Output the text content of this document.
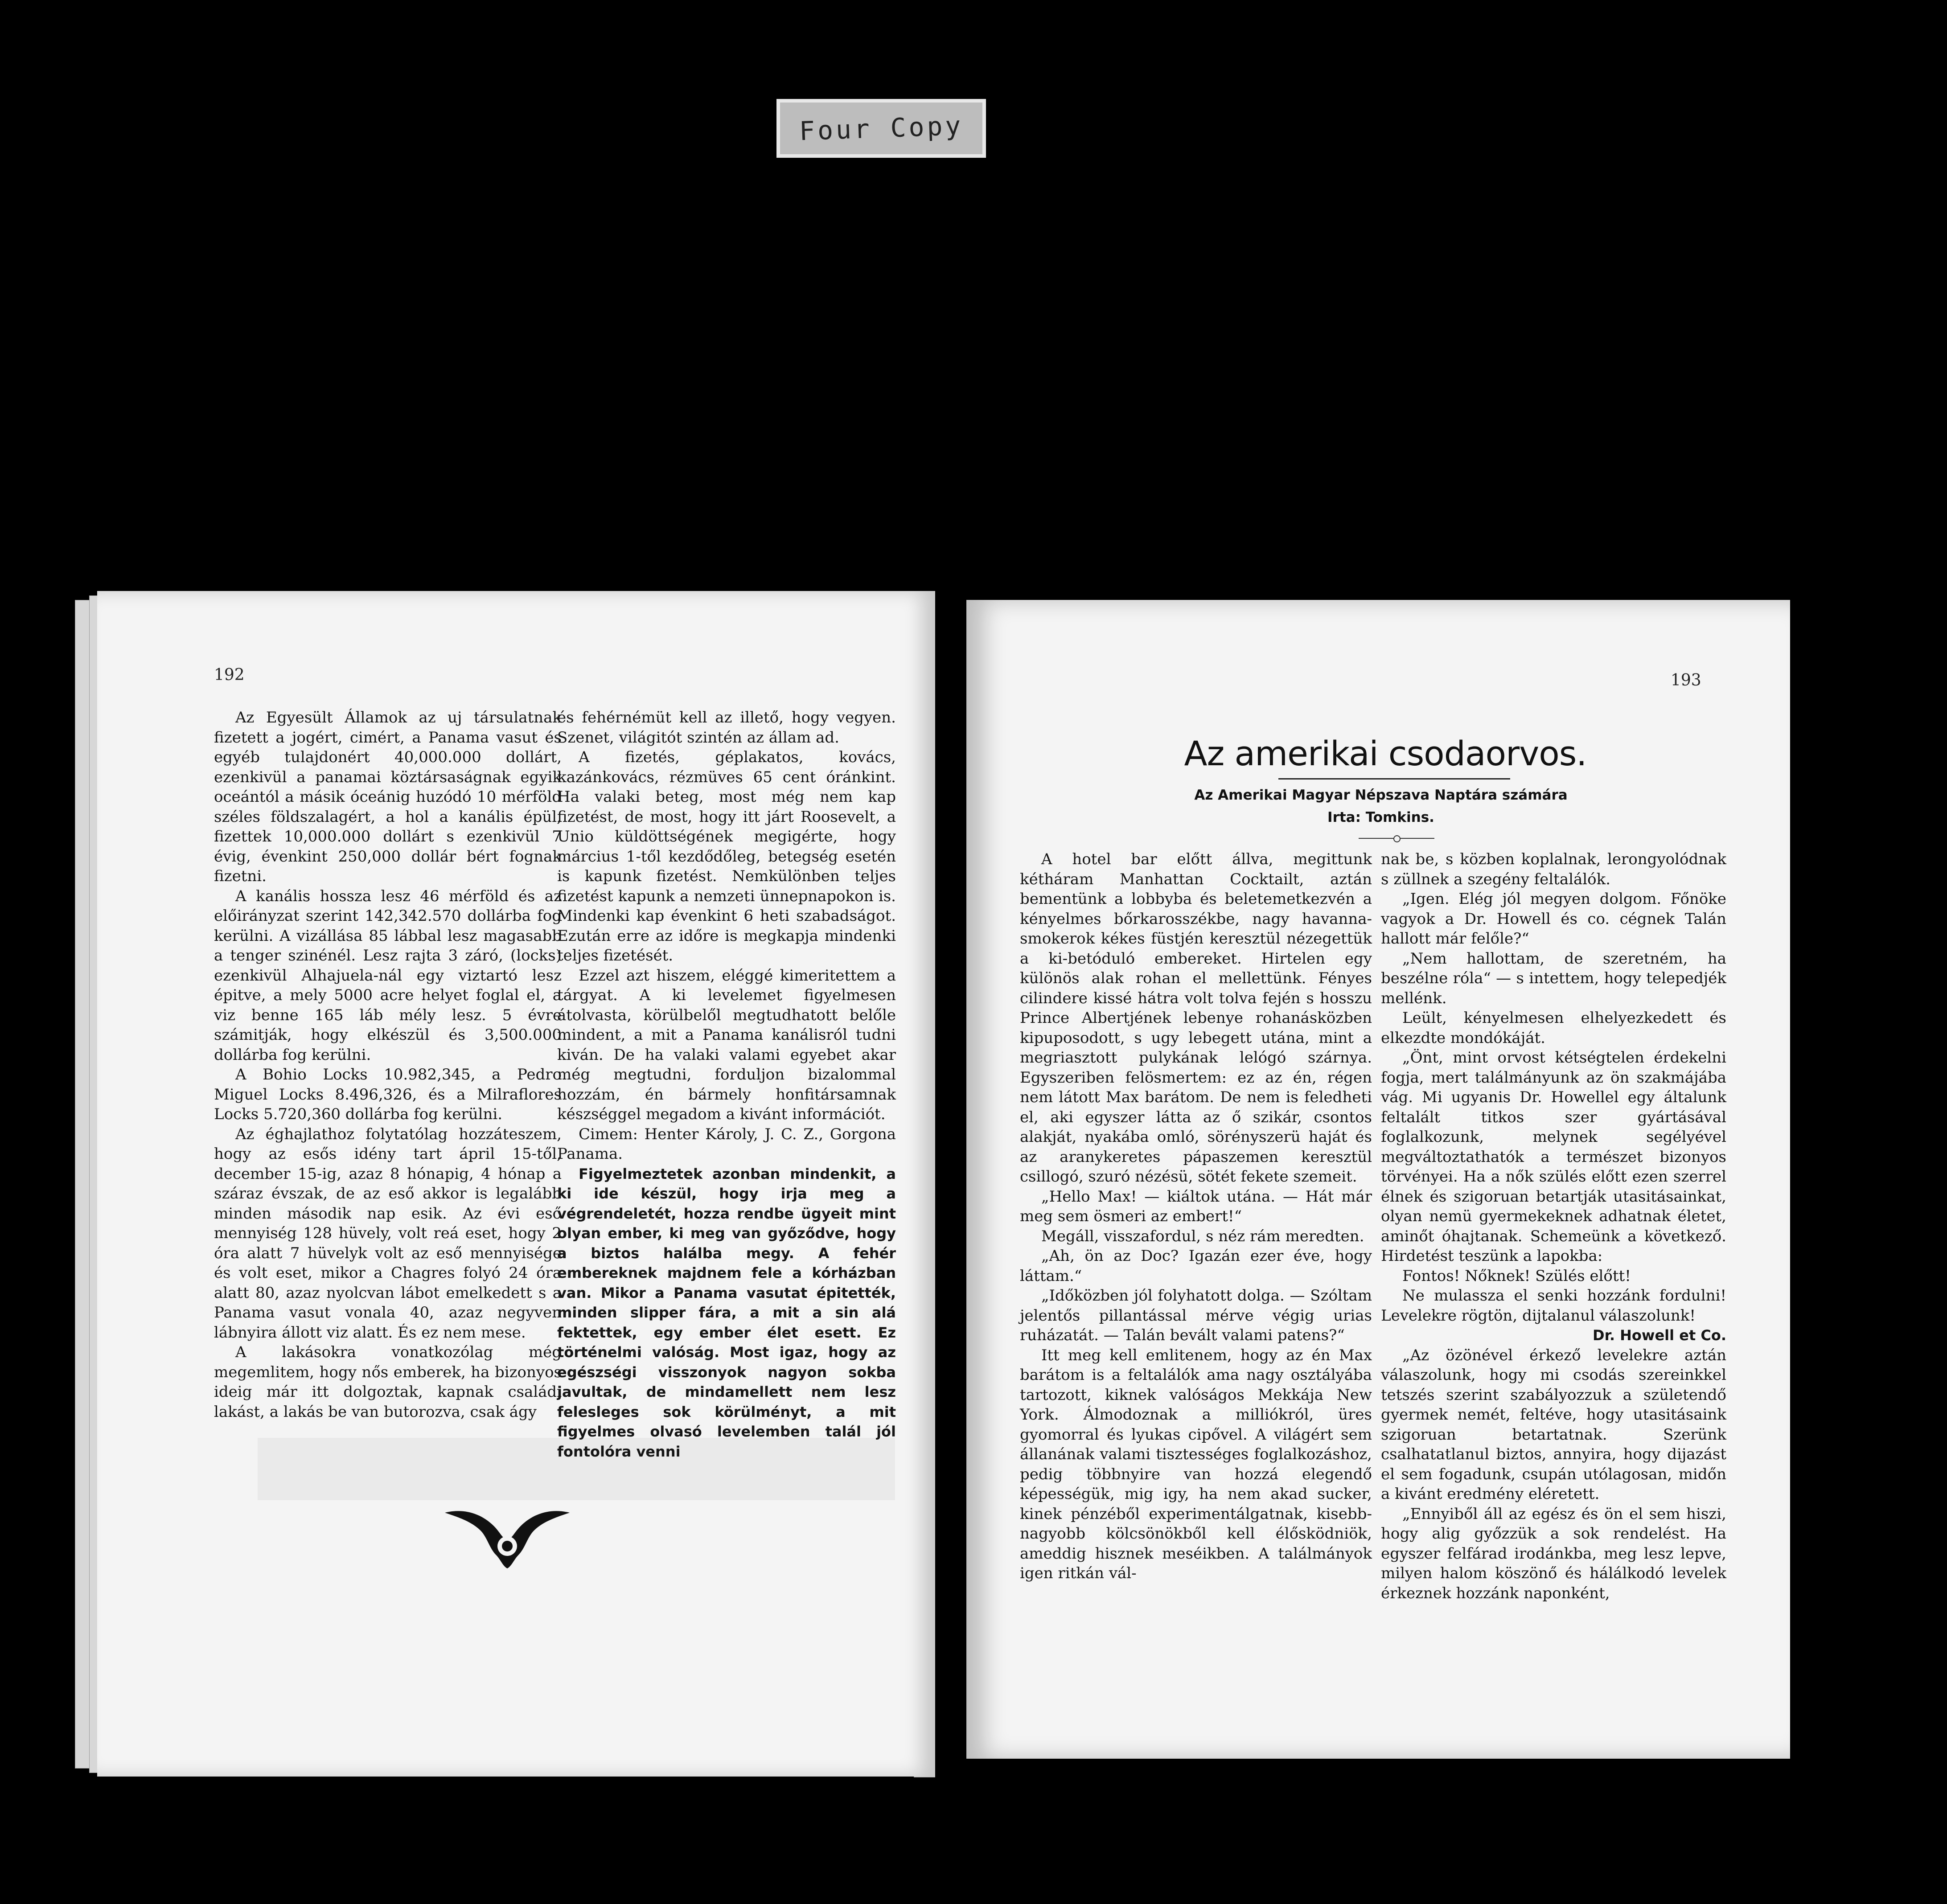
Four Copy
192

Az Egyesült Államok az uj társulatnak fizetett a jogért, cimért, a Panama vasut és egyéb tulajdonért 40,000.000 dollárt, ezenkivül a panamai köztársaságnak egyik oceántól a másik óceánig huzódó 10 mérföld széles földszalagért, a hol a kanális épül, fizettek 10,000.000 dollárt s ezenkivül 7 évig, évenkint 250,000 dollár bért fognak fizetni.

A kanális hossza lesz 46 mérföld és az előirányzat szerint 142,342.570 dollárba fog kerülni. A vizállása 85 lábbal lesz magasabb a tenger szinénél. Lesz rajta 3 záró, (locks) ezenkivül Alhajuela-nál egy viztartó lesz épitve, a mely 5000 acre helyet foglal el, a viz benne 165 láb mély lesz. 5 évre számitják, hogy elkészül és 3,500.000 dollárba fog kerülni.

A Bohio Locks 10.982,345, a Pedro Miguel Locks 8.496,326, és a Milraflores Locks 5.720,360 dollárba fog kerülni.

Az éghajlathoz folytatólag hozzáteszem, hogy az esős idény tart ápril 15-től, december 15-ig, azaz 8 hónapig, 4 hónap a száraz évszak, de az eső akkor is legalább minden második nap esik. Az évi eső mennyiség 128 hüvely, volt reá eset, hogy 2 óra alatt 7 hüvelyk volt az eső mennyisége és volt eset, mikor a Chagres folyó 24 óra alatt 80, azaz nyolcvan lábot emelkedett s a Panama vasut vonala 40, azaz negyven lábnyira állott viz alatt. És ez nem mese.

A lakásokra vonatkozólag még megemlitem, hogy nős emberek, ha bizonyos ideig már itt dolgoztak, kapnak családi lakást, a lakás be van butorozva, csak ágy

és fehérnémüt kell az illető, hogy vegyen. Szenet, világitót szintén az állam ad.

A fizetés, géplakatos, kovács, kazánkovács, rézmüves 65 cent óránkint. Ha valaki beteg, most még nem kap fizetést, de most, hogy itt járt Roosevelt, a Unio küldöttségének megigérte, hogy március 1-től kezdődőleg, betegség esetén is kapunk fizetést. Nemkülönben teljes fizetést kapunk a nemzeti ünnepnapokon is. Mindenki kap évenkint 6 heti szabadságot. Ezután erre az időre is megkapja mindenki teljes fizetését.

Ezzel azt hiszem, eléggé kimeritettem a tárgyat. A ki levelemet figyelmesen átolvasta, körülbelől megtudhatott belőle mindent, a mit a Panama kanálisról tudni kiván. De ha valaki valami egyebet akar még megtudni, forduljon bizalommal hozzám, én bármely honfitársamnak készséggel megadom a kivánt információt.

Cimem: Henter Károly, J. C. Z., Gorgona Panama.

Figyelmeztetek azonban mindenkit, a ki ide készül, hogy irja meg a végrendeletét, hozza rendbe ügyeit mint olyan ember, ki meg van győződve, hogy a biztos halálba megy. A fehér embereknek majdnem fele a kórházban van. Mikor a Panama vasutat épitették, minden slipper fára, a mit a sin alá fektettek, egy ember élet esett. Ez történelmi valóság. Most igaz, hogy az egészségi visszonyok nagyon sokba javultak, de mindamellett nem lesz felesleges sok körülményt, a mit figyelmes olvasó levelemben talál jól fontolóra venni

193
Az amerikai csodaorvos.
Az Amerikai Magyar Népszava Naptára számára
Irta: Tomkins.

A hotel bar előtt állva, megittunk kétháram Manhattan Cocktailt, aztán bementünk a lobbyba és beletemetkezvén a kényelmes bőrkarosszékbe, nagy havanna-smokerok kékes füstjén keresztül nézegettük a ki-betóduló embereket. Hirtelen egy különös alak rohan el mellettünk. Fényes cilindere kissé hátra volt tolva fején s hosszu Prince Albertjének lebenye rohanásközben kipuposodott, s ugy lebegett utána, mint a megriasztott pulykának lelógó szárnya. Egyszeriben felösmertem: ez az én, régen nem látott Max barátom. De nem is feledheti el, aki egyszer látta az ő szikár, csontos alakját, nyakába omló, sörényszerü haját és az aranykeretes pápaszemen keresztül csillogó, szuró nézésü, sötét fekete szemeit.

„Hello Max! — kiáltok utána. — Hát már meg sem ösmeri az embert!“

Megáll, visszafordul, s néz rám meredten.

„Ah, ön az Doc? Igazán ezer éve, hogy láttam.“

„Időközben jól folyhatott dolga. — Szóltam jelentős pillantással mérve végig urias ruházatát. — Talán bevált valami patens?“

Itt meg kell emlitenem, hogy az én Max barátom is a feltalálók ama nagy osztályába tartozott, kiknek valóságos Mekkája New York. Álmodoznak a milliókról, üres gyomorral és lyukas cipővel. A világért sem állanának valami tisztességes foglalkozáshoz, pedig többnyire van hozzá elegendő képességük, mig igy, ha nem akad sucker, kinek pénzéből experimentálgatnak, kisebb-nagyobb kölcsönökből kell élősködniök, ameddig hisznek meséikben. A találmányok igen ritkán vál-

nak be, s közben koplalnak, lerongyolódnak s züllnek a szegény feltalálók.

„Igen. Elég jól megyen dolgom. Főnöke vagyok a Dr. Howell és co. cégnek Talán hallott már felőle?“

„Nem hallottam, de szeretném, ha beszélne róla“ — s intettem, hogy telepedjék mellénk.

Leült, kényelmesen elhelyezkedett és elkezdte mondókáját.

„Önt, mint orvost kétségtelen érdekelni fogja, mert találmányunk az ön szakmájába vág. Mi ugyanis Dr. Howellel egy általunk feltalált titkos szer gyártásával foglalkozunk, melynek segélyével megváltoztathatók a természet bizonyos törvényei. Ha a nők szülés előtt ezen szerrel élnek és szigoruan betartják utasitásainkat, olyan nemü gyermekeknek adhatnak életet, aminőt óhajtanak. Schemeünk a következő. Hirdetést teszünk a lapokba:

Fontos! Nőknek! Szülés előtt!

Ne mulassza el senki hozzánk fordulni! Levelekre rögtön, dijtalanul válaszolunk!

Dr. Howell et Co.

„Az özönével érkező levelekre aztán válaszolunk, hogy mi csodás szereinkkel tetszés szerint szabályozzuk a születendő gyermek nemét, feltéve, hogy utasitásaink szigoruan betartatnak. Szerünk csalhatatlanul biztos, annyira, hogy dijazást el sem fogadunk, csupán utólagosan, midőn a kivánt eredmény eléretett.

„Ennyiből áll az egész és ön el sem hiszi, hogy alig győzzük a sok rendelést. Ha egyszer felfárad irodánkba, meg lesz lepve, milyen halom köszönő és hálálkodó levelek érkeznek hozzánk naponként,
